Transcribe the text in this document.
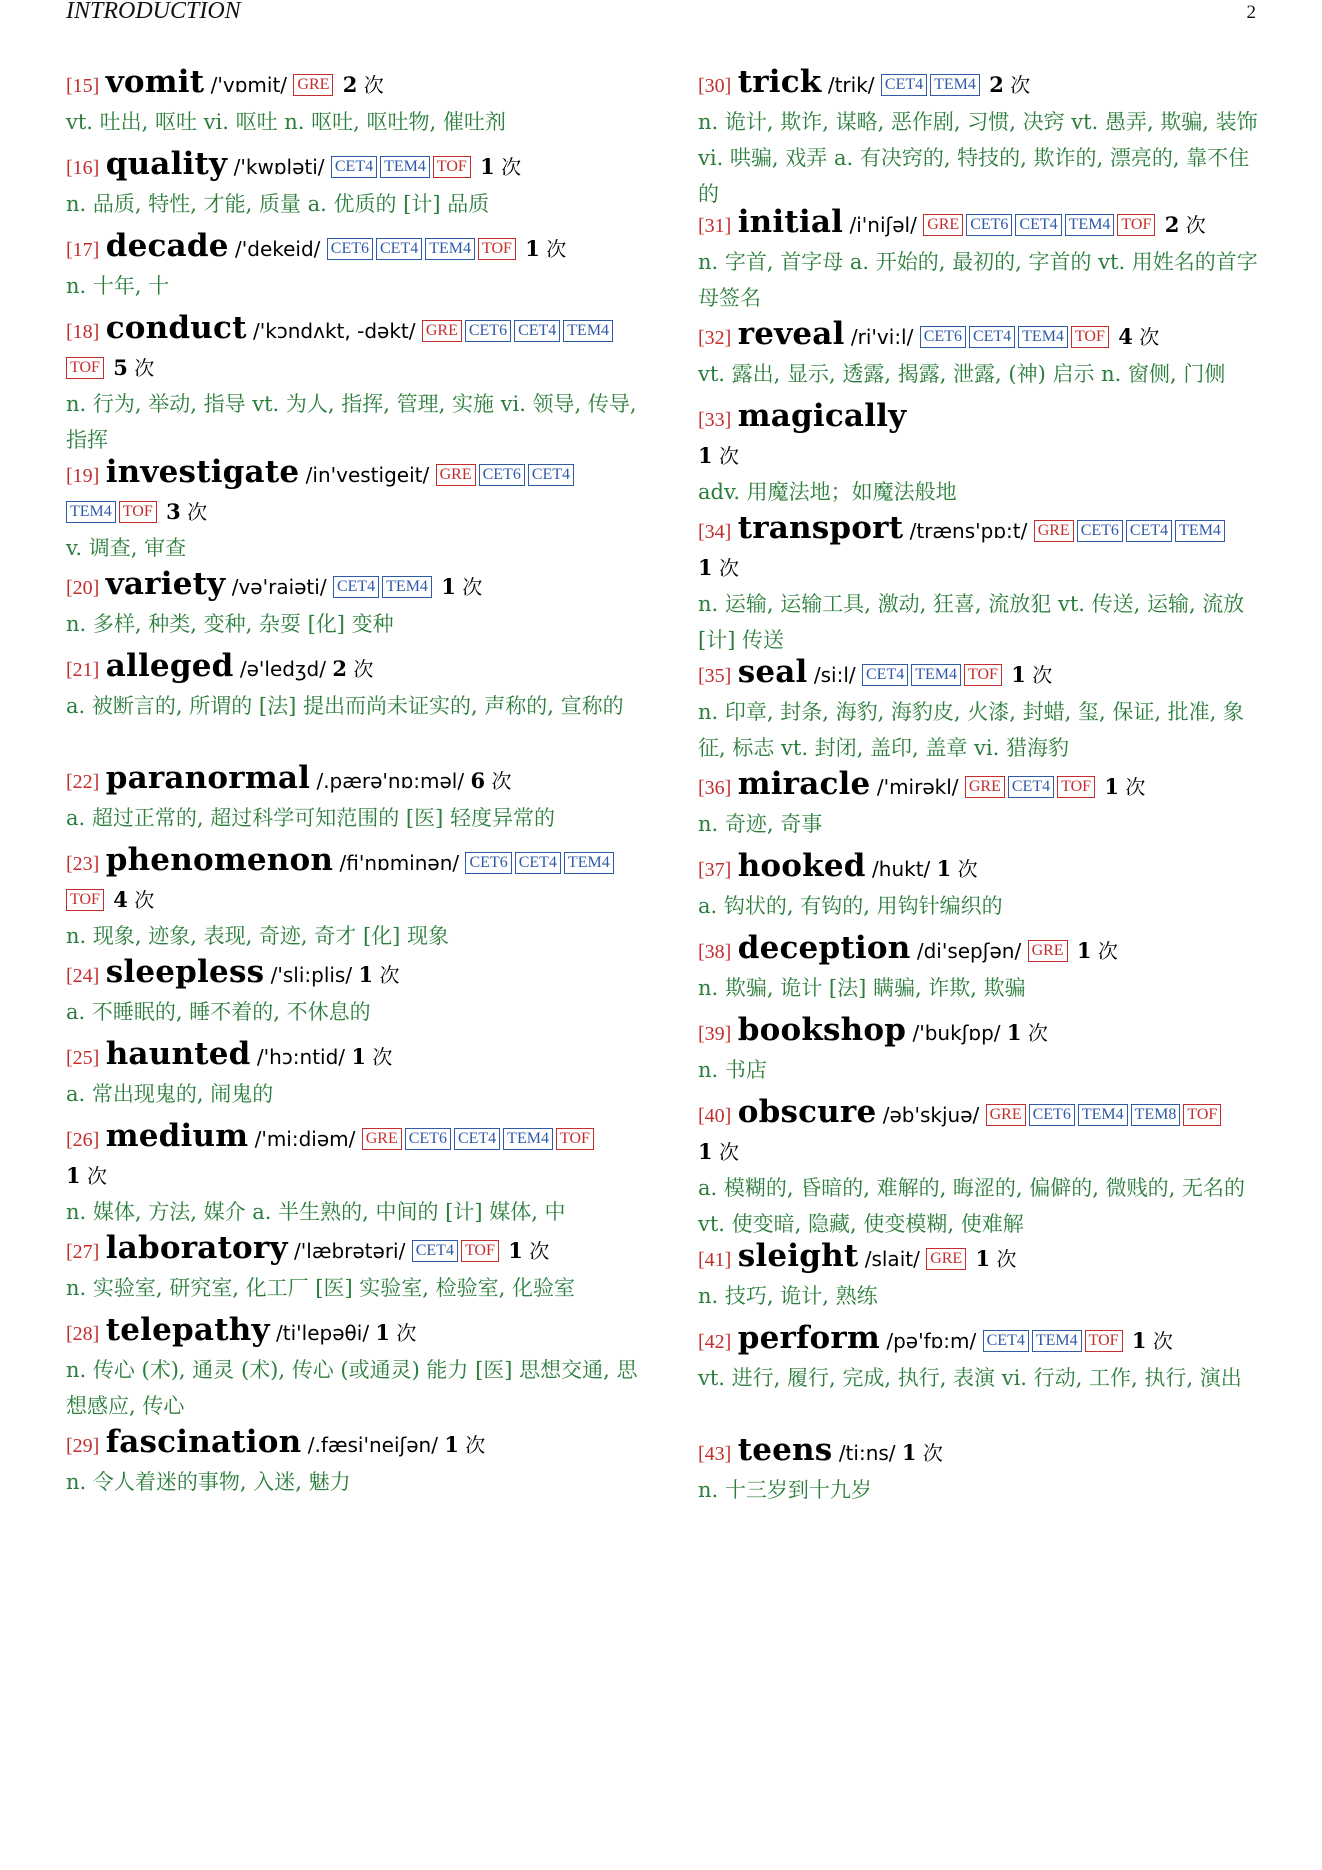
INTRODUCTION	2
[15] vomit /'vɒmit/ GRE 2 次
vt. 吐出, 呕吐 vi. 呕吐 n. 呕吐, 呕吐物, 催吐剂
[16] quality /'kwɒləti/ CET4 TEM4 TOF 1 次
n. 品质, 特性, 才能, 质量 a. 优质的 [计] 品质
[17] decade /'dekeid/ CET6 CET4 TEM4 TOF 1 次
n. 十年, 十
[18] conduct /'kɔndʌkt, -dəkt/ GRE CET6 CET4 TEM4
TOF 5 次
n. 行为, 举动, 指导 vt. 为人, 指挥, 管理, 实施 vi. 领导, 传导, 指挥
[19] investigate /in'vestigeit/ GRE CET6 CET4
TEM4 TOF 3 次
v. 调查, 审查
[20] variety /və'raiəti/ CET4 TEM4 1 次
n. 多样, 种类, 变种, 杂耍 [化] 变种
[21] alleged /ə'ledʒd/ 2 次
a. 被断言的, 所谓的 [法] 提出而尚未证实的, 声称的, 宣称的
[22] paranormal /.pærə'nɒ:məl/ 6 次
a. 超过正常的, 超过科学可知范围的 [医] 轻度异常的
[23] phenomenon /fi'nɒminən/ CET6 CET4 TEM4
TOF 4 次
n. 现象, 迹象, 表现, 奇迹, 奇才 [化] 现象
[24] sleepless /'sli:plis/ 1 次
a. 不睡眠的, 睡不着的, 不休息的
[25] haunted /'hɔ:ntid/ 1 次
a. 常出现鬼的, 闹鬼的
[26] medium /'mi:diəm/ GRE CET6 CET4 TEM4 TOF
1 次
n. 媒体, 方法, 媒介 a. 半生熟的, 中间的 [计] 媒体, 中
[27] laboratory /'læbrətəri/ CET4 TOF 1 次
n. 实验室, 研究室, 化工厂 [医] 实验室, 检验室, 化验室
[28] telepathy /ti'lepəθi/ 1 次
n. 传心 (术), 通灵 (术), 传心 (或通灵) 能力 [医] 思想交通, 思想感应, 传心
[29] fascination /.fæsi'neiʃən/ 1 次
n. 令人着迷的事物, 入迷, 魅力
[30] trick /trik/ CET4 TEM4 2 次
n. 诡计, 欺诈, 谋略, 恶作剧, 习惯, 决窍 vt. 愚弄, 欺骗, 装饰 vi. 哄骗, 戏弄 a. 有决窍的, 特技的, 欺诈的, 漂亮的, 靠不住的
[31] initial /i'niʃəl/ GRE CET6 CET4 TEM4 TOF 2 次
n. 字首, 首字母 a. 开始的, 最初的, 字首的 vt. 用姓名的首字母签名
[32] reveal /ri'vi:l/ CET6 CET4 TEM4 TOF 4 次
vt. 露出, 显示, 透露, 揭露, 泄露, (神) 启示 n. 窗侧, 门侧
[33] magically
1 次
adv. 用魔法地；如魔法般地
[34] transport /træns'pɒ:t/ GRE CET6 CET4 TEM4
1 次
n. 运输, 运输工具, 激动, 狂喜, 流放犯 vt. 传送, 运输, 流放 [计] 传送
[35] seal /si:l/ CET4 TEM4 TOF 1 次
n. 印章, 封条, 海豹, 海豹皮, 火漆, 封蜡, 玺, 保证, 批准, 象征, 标志 vt. 封闭, 盖印, 盖章 vi. 猎海豹
[36] miracle /'mirəkl/ GRE CET4 TOF 1 次
n. 奇迹, 奇事
[37] hooked /hukt/ 1 次
a. 钩状的, 有钩的, 用钩针编织的
[38] deception /di'sepʃən/ GRE 1 次
n. 欺骗, 诡计 [法] 瞒骗, 诈欺, 欺骗
[39] bookshop /'bukʃɒp/ 1 次
n. 书店
[40] obscure /əb'skjuə/ GRE CET6 TEM4 TEM8 TOF
1 次
a. 模糊的, 昏暗的, 难解的, 晦涩的, 偏僻的, 微贱的, 无名的 vt. 使变暗, 隐藏, 使变模糊, 使难解
[41] sleight /slait/ GRE 1 次
n. 技巧, 诡计, 熟练
[42] perform /pə'fɒ:m/ CET4 TEM4 TOF 1 次
vt. 进行, 履行, 完成, 执行, 表演 vi. 行动, 工作, 执行, 演出
[43] teens /ti:ns/ 1 次
n. 十三岁到十九岁
